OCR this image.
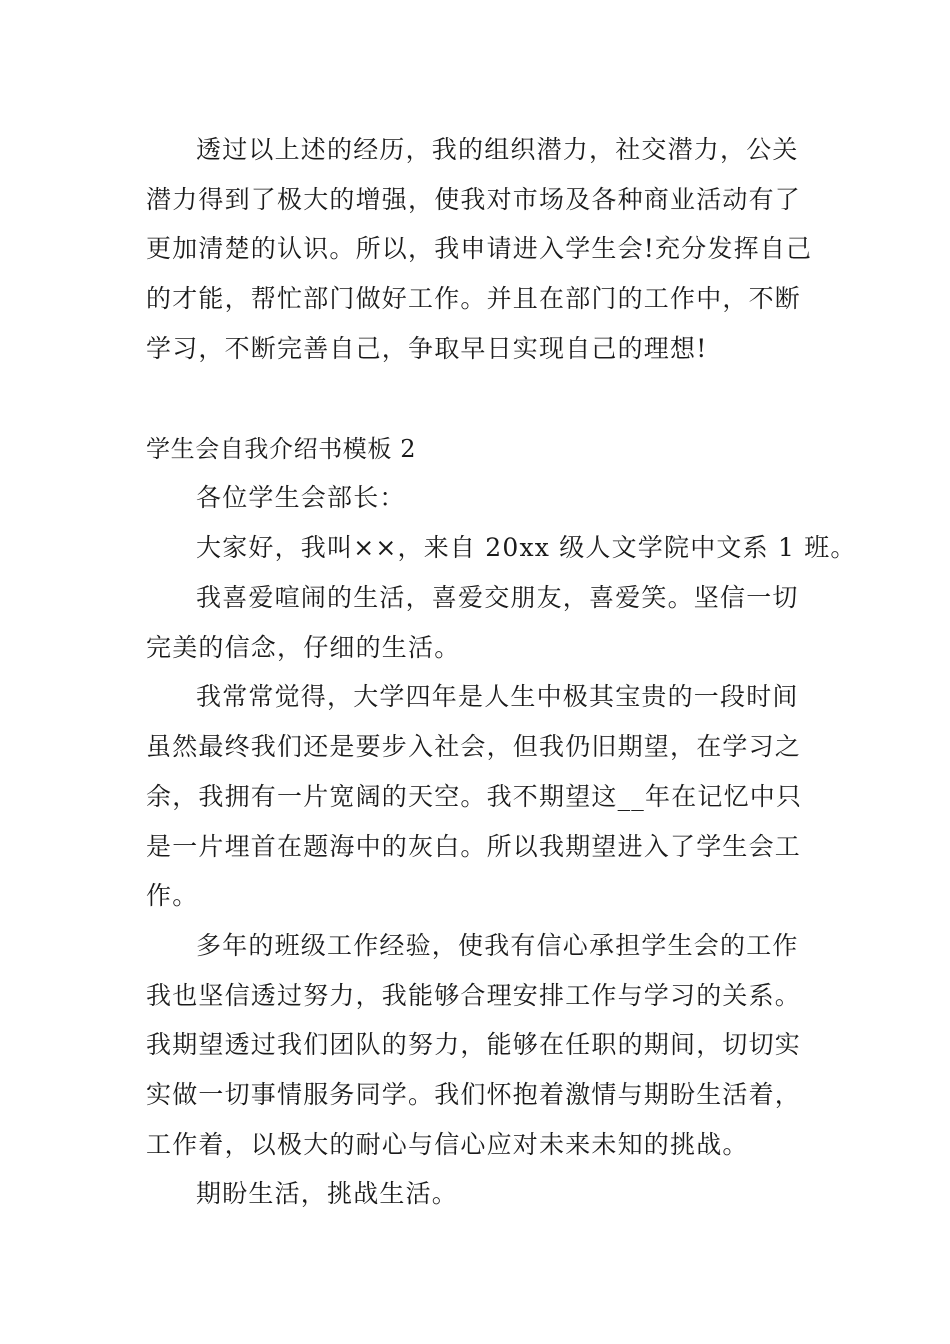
透过以上述的经历，我的组织潜力，社交潜力，公关
潜力得到了极大的增强，使我对市场及各种商业活动有了
更加清楚的认识。所以，我申请进入学生会!充分发挥自己
的才能，帮忙部门做好工作。并且在部门的工作中，不断
学习，不断完善自己，争取早日实现自己的理想!
学生会自我介绍书模板 2
各位学生会部长：
大家好，我叫××，来自 20xx 级人文学院中文系 1 班。
我喜爱喧闹的生活，喜爱交朋友，喜爱笑。坚信一切
完美的信念，仔细的生活。
我常常觉得，大学四年是人生中极其宝贵的一段时间
虽然最终我们还是要步入社会，但我仍旧期望，在学习之
余，我拥有一片宽阔的天空。我不期望这__年在记忆中只
是一片埋首在题海中的灰白。所以我期望进入了学生会工
作。
多年的班级工作经验，使我有信心承担学生会的工作
我也坚信透过努力，我能够合理安排工作与学习的关系。
我期望透过我们团队的努力，能够在任职的期间，切切实
实做一切事情服务同学。我们怀抱着激情与期盼生活着，
工作着，以极大的耐心与信心应对未来未知的挑战。
期盼生活，挑战生活。
